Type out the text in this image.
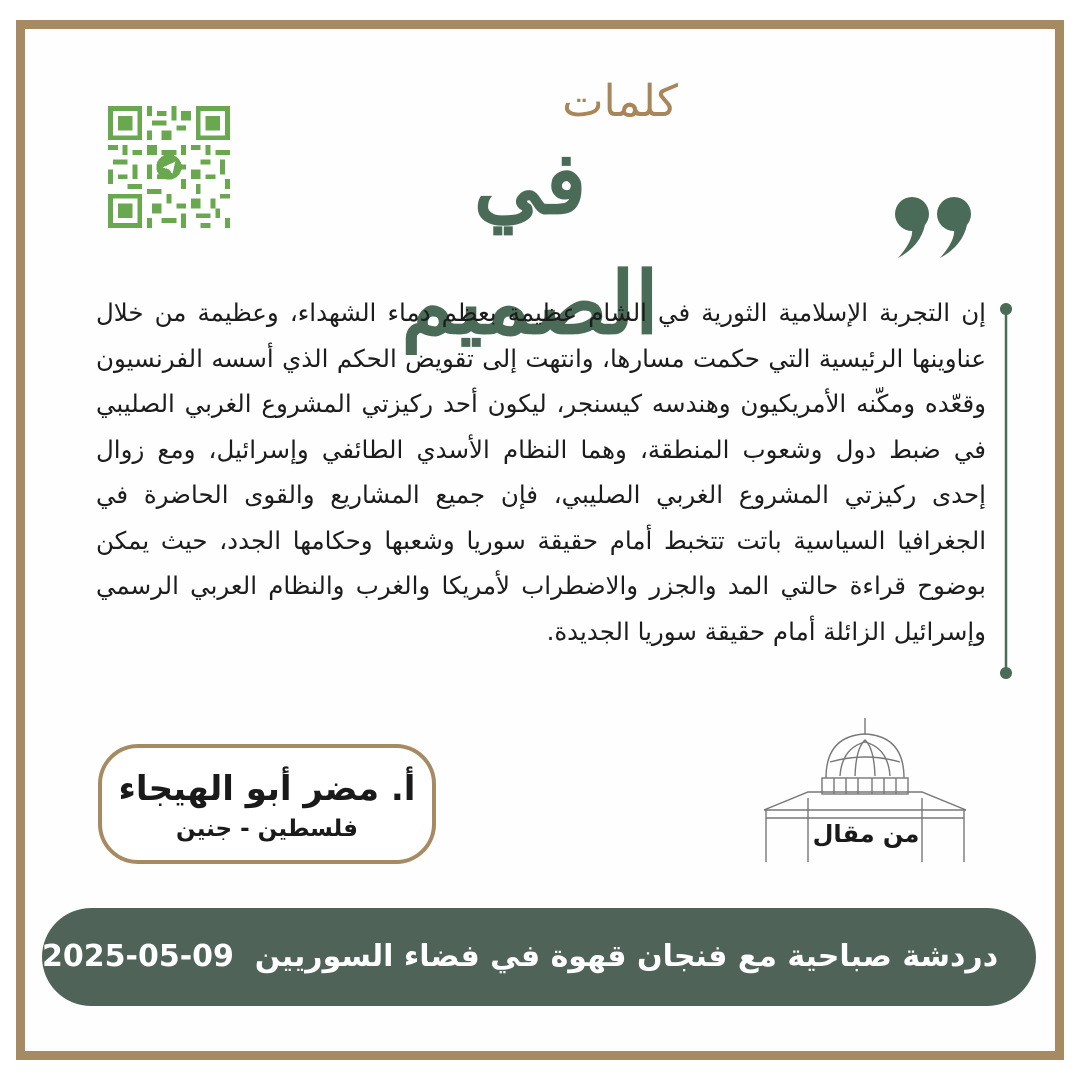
كلمات
في الصميم
إن التجربة الإسلامية الثورية في الشام عظيمة بعظم دماء الشهداء، وعظيمة من خلال عناوينها الرئيسية التي حكمت مسارها، وانتهت إلى تقويض الحكم الذي أسسه الفرنسيون وقعّده ومكّنه الأمريكيون وهندسه كيسنجر، ليكون أحد ركيزتي المشروع الغربي الصليبي في ضبط دول وشعوب المنطقة، وهما النظام الأسدي الطائفي وإسرائيل، ومع زوال إحدى ركيزتي المشروع الغربي الصليبي، فإن جميع المشاريع والقوى الحاضرة في الجغرافيا السياسية باتت تتخبط أمام حقيقة سوريا وشعبها وحكامها الجدد، حيث يمكن بوضوح قراءة حالتي المد والجزر والاضطراب لأمريكا والغرب والنظام العربي الرسمي وإسرائيل الزائلة أمام حقيقة سوريا الجديدة.
أ. مضر أبو الهيجاء
فلسطين - جنين	من مقال
2025-05-09 دردشة صباحية مع فنجان قهوة في فضاء السوريين
